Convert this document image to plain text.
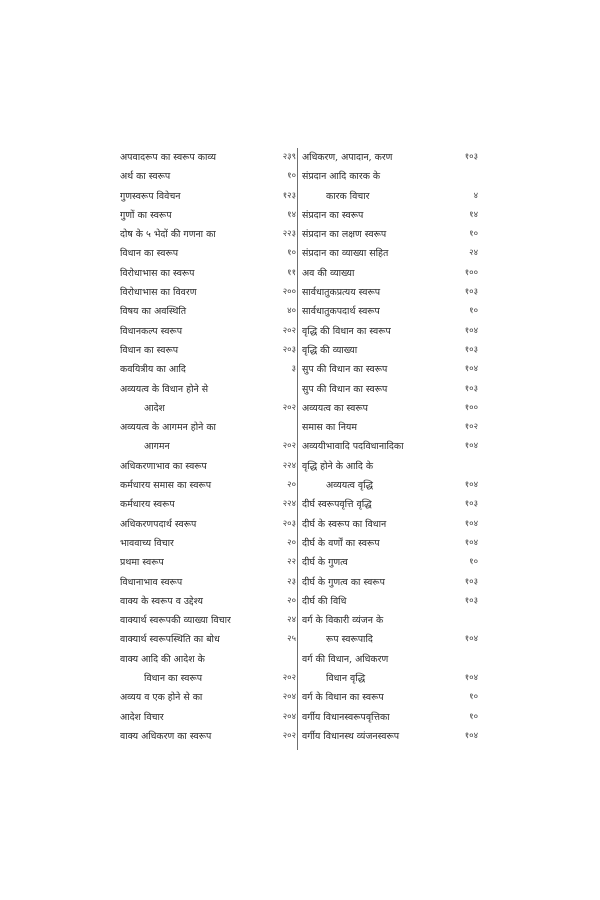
अपवादरूप का स्वरूप काव्य	२३९
अर्थ का स्वरूप	१०
गुणस्वरूप विवेचन	१२३
गुणों का स्वरूप	१४
दोष के ५ भेदों की गणना का	२२३
विधान का स्वरूप	१०
विरोधाभास का स्वरूप	११
विरोधाभास का विवरण	२००
विषय का अवस्थिति	४०
विधानकल्प स्वरूप	२०२
विधान का स्वरूप	२०३
कवयित्रीय का आदि	३
अव्ययत्व के विधान होने से
आदेश	२०२
अव्ययत्व के आगमन होने का
आगमन	२०२
अधिकरणाभाव का स्वरूप	२२४
कर्मधारय समास का स्वरूप	२०
कर्मधारय स्वरूप	२२४
अधिकरणपदार्थ स्वरूप	२०३
भाववाच्य विचार	२०
प्रथमा स्वरूप	२२
विधानाभाव स्वरूप	२३
वाक्य के स्वरूप व उद्देश्य	२०
वाक्यार्थ स्वरूपकी व्याख्या विचार	२४
वाक्यार्थ स्वरूपस्थिति का बोध	२५
वाक्य आदि की आदेश के
विधान का स्वरूप	२०२
अव्यय व एक होने से का	२०४
आदेश विचार	२०४
वाक्य अधिकरण का स्वरूप	२०२
अधिकरण, अपादान, करण	१०३
संप्रदान आदि कारक के
कारक विचार	४
संप्रदान का स्वरूप	१४
संप्रदान का लक्षण स्वरूप	१०
संप्रदान का व्याख्या सहित	२४
अव की व्याख्या	१००
सार्वधातुकप्रत्यय स्वरूप	१०३
सार्वधातुकपदार्थ स्वरूप	१०
वृद्धि की विधान का स्वरूप	१०४
वृद्धि की व्याख्या	१०३
सुप की विधान का स्वरूप	१०४
सुप की विधान का स्वरूप	१०३
अव्ययत्व का स्वरूप	१००
समास का नियम	१०२
अव्ययीभावादि पदविधानादिका	१०४
वृद्धि होने के आदि के
अव्ययत्व वृद्धि	१०४
दीर्घ स्वरूपवृत्ति वृद्धि	१०३
दीर्घ के स्वरूप का विधान	१०४
दीर्घ के वर्णों का स्वरूप	१०४
दीर्घ के गुणत्व	१०
दीर्घ के गुणत्व का स्वरूप	१०३
दीर्घ की विधि	१०३
वर्ग के विकारी व्यंजन के
रूप स्वरूपादि	१०४
वर्ग की विधान, अधिकरण
विधान वृद्धि	१०४
वर्ग के विधान का स्वरूप	१०
वर्गीय विधानस्वरूपवृत्तिका	१०
वर्गीय विधानस्थ व्यंजनस्वरूप	१०४
